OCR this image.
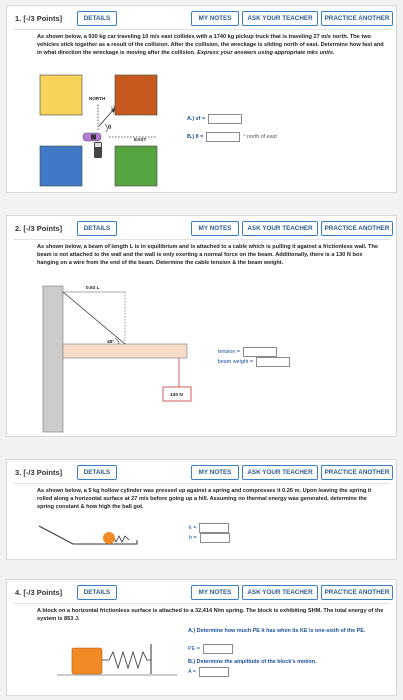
1. [-/3 Points]	DETAILS	MY NOTES	ASK YOUR TEACHER	PRACTICE ANOTHER
As shown below, a 930 kg car traveling 10 m/s east collides with a 1740 kg pickup truck that is traveling 27 m/s north. The two vehicles stick together as a result of the collision. After the collision, the wreckage is sliding north of east. Determine how fast and in what direction the wreckage is moving after the collision. Express your answers using appropriate mks units.
NORTH
EAST
vf
θ
A.) vf =
B.) θ =	° north of east
2. [-/3 Points]	DETAILS	MY NOTES	ASK YOUR TEACHER	PRACTICE ANOTHER
As shown below, a beam of length L is in equilibrium and is attached to a cable which is pulling it against a frictionless wall. The beam is not attached to the wall and the wall is only exerting a normal force on the beam. Additionally, there is a 130 N box hanging on a wire from the end of the beam. Determine the cable tension & the beam weight.
0.63 L
45°
130 N
tension =
beam weight =
3. [-/3 Points]	DETAILS	MY NOTES	ASK YOUR TEACHER	PRACTICE ANOTHER
As shown below, a 5 kg hollow cylinder was pressed up against a spring and compresses it 0.26 m. Upon leaving the spring it rolled along a horizontal surface at 27 m/s before going up a hill. Assuming no thermal energy was generated, determine the spring constant & how high the ball got.
k =
h =
4. [-/3 Points]	DETAILS	MY NOTES	ASK YOUR TEACHER	PRACTICE ANOTHER
A block on a horizontal frictionless surface is attached to a 32,414 N/m spring. The block is exhibiting SHM. The total energy of the system is 853 J.
A.) Determine how much PE it has when its KE is one-sixth of the PE.
PE =
B.) Determine the amplitude of the block's motion.
A =
